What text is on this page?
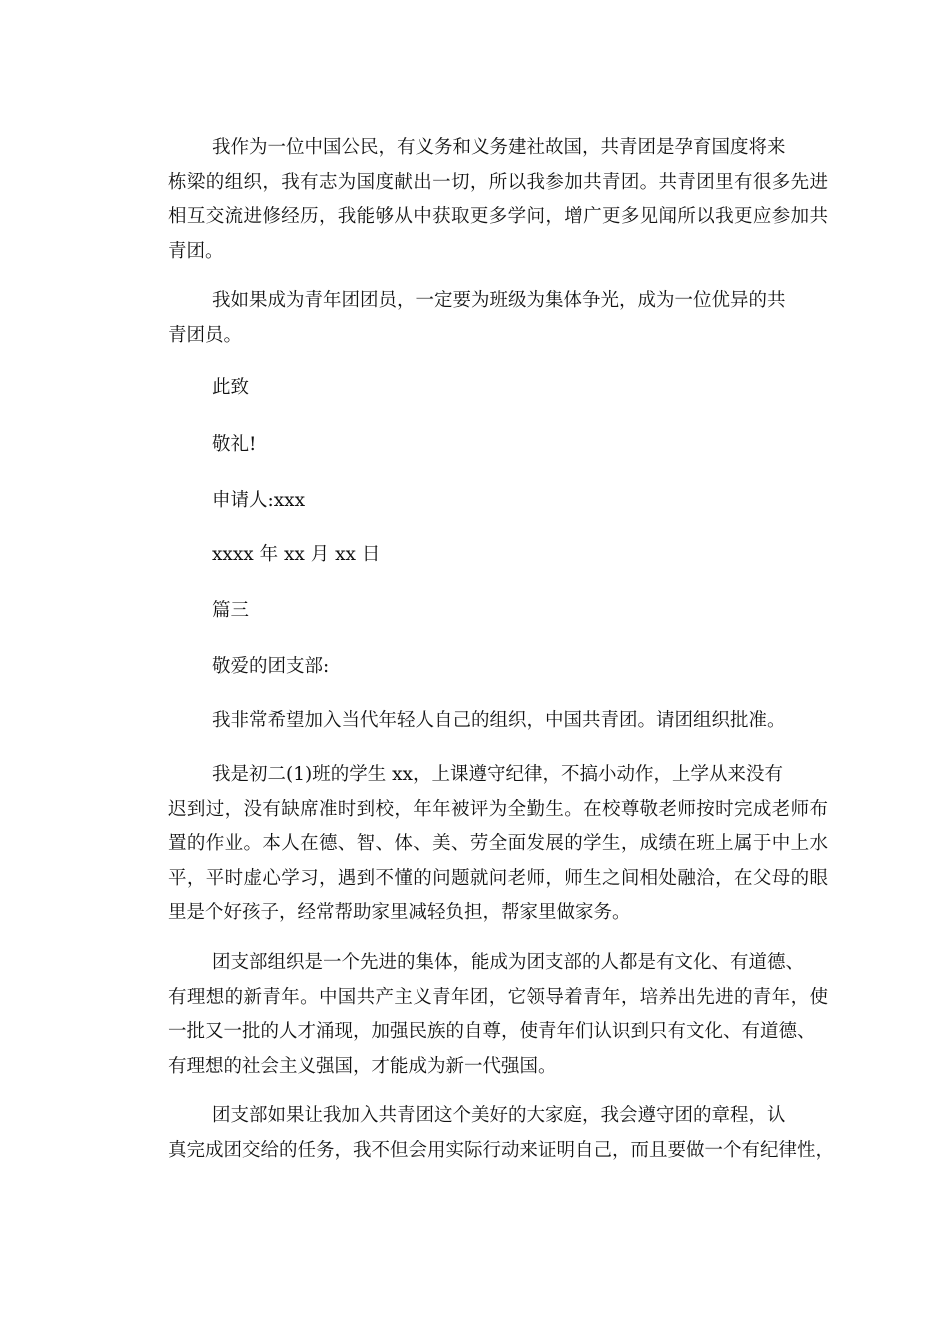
我作为一位中国公民，有义务和义务建社故国，共青团是孕育国度将来
栋梁的组织，我有志为国度献出一切，所以我参加共青团。共青团里有很多先进
相互交流进修经历，我能够从中获取更多学问，增广更多见闻所以我更应参加共
青团。
我如果成为青年团团员，一定要为班级为集体争光，成为一位优异的共
青团员。
此致
敬礼!
申请人:xxx
xxxx 年 xx 月 xx 日
篇三
敬爱的团支部:
我非常希望加入当代年轻人自己的组织，中国共青团。请团组织批准。
我是初二(1)班的学生 xx，上课遵守纪律，不搞小动作，上学从来没有
迟到过，没有缺席准时到校，年年被评为全勤生。在校尊敬老师按时完成老师布
置的作业。本人在德、智、体、美、劳全面发展的学生，成绩在班上属于中上水
平，平时虚心学习，遇到不懂的问题就问老师，师生之间相处融洽，在父母的眼
里是个好孩子，经常帮助家里减轻负担，帮家里做家务。
团支部组织是一个先进的集体，能成为团支部的人都是有文化、有道德、
有理想的新青年。中国共产主义青年团，它领导着青年，培养出先进的青年，使
一批又一批的人才涌现，加强民族的自尊，使青年们认识到只有文化、有道德、
有理想的社会主义强国，才能成为新一代强国。
团支部如果让我加入共青团这个美好的大家庭，我会遵守团的章程，认
真完成团交给的任务，我不但会用实际行动来证明自己，而且要做一个有纪律性，
